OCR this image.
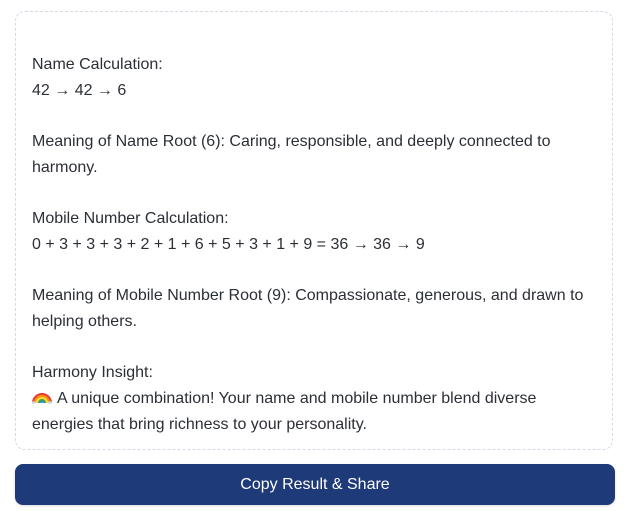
Name Calculation:
42 → 42 → 6
Meaning of Name Root (6): Caring, responsible, and deeply connected to harmony.
Mobile Number Calculation:
0 + 3 + 3 + 3 + 2 + 1 + 6 + 5 + 3 + 1 + 9 = 36 → 36 → 9
Meaning of Mobile Number Root (9): Compassionate, generous, and drawn to helping others.
Harmony Insight:
A unique combination! Your name and mobile number blend diverse energies that bring richness to your personality.
Copy Result & Share
